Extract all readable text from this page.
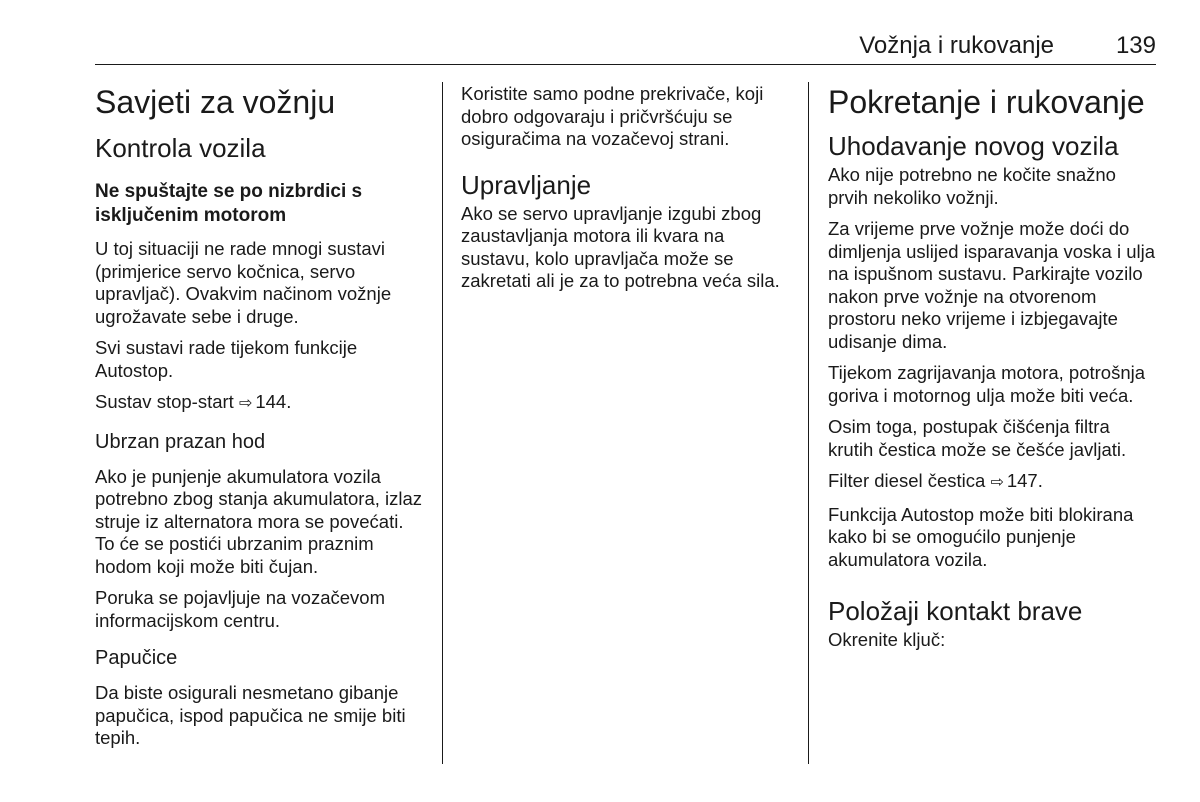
Vožnja i rukovanje	139
Savjeti za vožnju
Kontrola vozila
Ne spuštajte se po nizbrdici s
isključenim motorom

U toj situaciji ne rade mnogi sustavi (primjerice servo kočnica, servo upravljač). Ovakvim načinom vožnje ugrožavate sebe i druge.

Svi sustavi rade tijekom funkcije Autostop.

Sustav stop-start ⇨ 144.

Ubrzan prazan hod

Ako je punjenje akumulatora vozila potrebno zbog stanja akumulatora, izlaz struje iz alternatora mora se povećati. To će se postići ubrzanim praznim hodom koji može biti čujan.

Poruka se pojavljuje na vozačevom informacijskom centru.

Papučice

Da biste osigurali nesmetano gibanje papučica, ispod papučica ne smije biti tepih.

Koristite samo podne prekrivače, koji dobro odgovaraju i pričvršćuju se osiguračima na vozačevoj strani.

Upravljanje

Ako se servo upravljanje izgubi zbog zaustavljanja motora ili kvara na sustavu, kolo upravljača može se zakretati ali je za to potrebna veća sila.

Pokretanje i rukovanje
Uhodavanje novog vozila

Ako nije potrebno ne kočite snažno prvih nekoliko vožnji.

Za vrijeme prve vožnje može doći do dimljenja uslijed isparavanja voska i ulja na ispušnom sustavu. Parkirajte vozilo nakon prve vožnje na otvorenom prostoru neko vrijeme i izbjegavajte udisanje dima.

Tijekom zagrijavanja motora, potrošnja goriva i motornog ulja može biti veća.

Osim toga, postupak čišćenja filtra krutih čestica može se češće javljati.

Filter diesel čestica ⇨ 147.

Funkcija Autostop može biti blokirana kako bi se omogućilo punjenje akumulatora vozila.

Položaji kontakt brave

Okrenite ključ:
